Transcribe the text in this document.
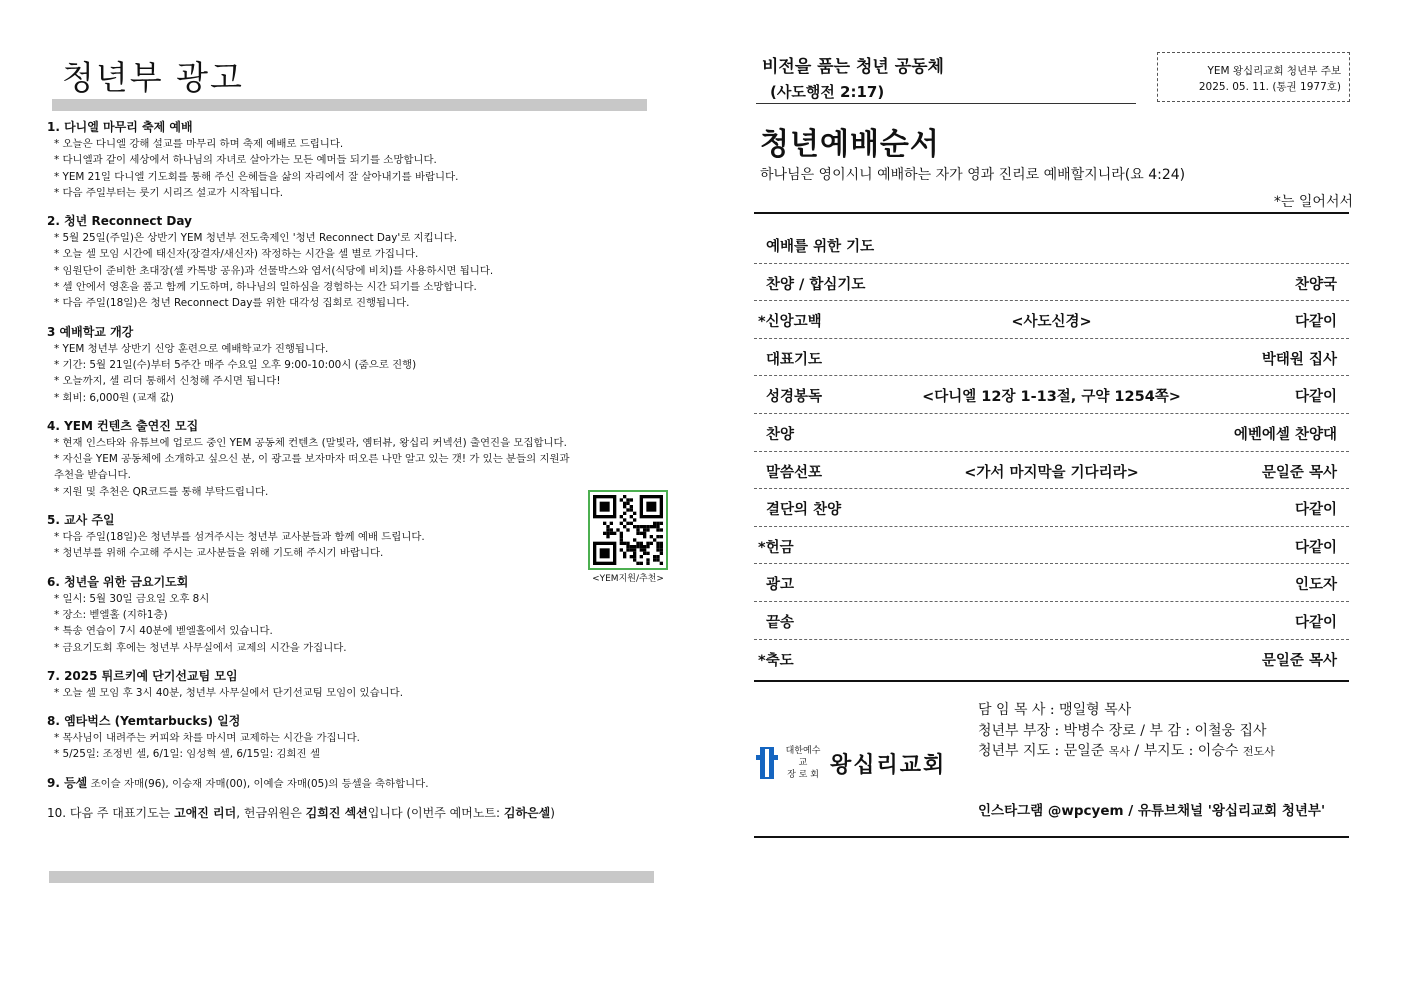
청년부 광고
1. 다니엘 마무리 축제 예배
* 오늘은 다니엘 강해 설교를 마무리 하며 축제 예배로 드립니다.
* 다니엘과 같이 세상에서 하나님의 자녀로 살아가는 모든 예머들 되기를 소망합니다.
* YEM 21일 다니엘 기도회를 통해 주신 은혜들을 삶의 자리에서 잘 살아내기를 바랍니다.
* 다음 주일부터는 룻기 시리즈 설교가 시작됩니다.
2. 청년 Reconnect Day
* 5월 25일(주일)은 상반기 YEM 청년부 전도축제인 '청년 Reconnect Day'로 지킵니다.
* 오늘 셀 모임 시간에 태신자(장결자/새신자) 작정하는 시간을 셀 별로 가집니다.
* 임원단이 준비한 초대장(셀 카톡방 공유)과 선물박스와 엽서(식당에 비치)를 사용하시면 됩니다.
* 셀 안에서 영혼을 품고 함께 기도하며, 하나님의 일하심을 경험하는 시간 되기를 소망합니다.
* 다음 주일(18일)은 청년 Reconnect Day를 위한 대각성 집회로 진행됩니다.
3 예배학교 개강
* YEM 청년부 상반기 신앙 훈련으로 예배학교가 진행됩니다.
* 기간: 5월 21일(수)부터 5주간 매주 수요일 오후 9:00-10:00시 (줌으로 진행)
* 오늘까지, 셀 리더 통해서 신청해 주시면 됩니다!
* 회비: 6,000원 (교재 값)
4. YEM 컨텐츠 출연진 모집
* 현재 인스타와 유튜브에 업로드 중인 YEM 공동체 컨텐츠 (말빛라, 옘터뷰, 왕십리 커넥션) 출연진을 모집합니다.
* 자신을 YEM 공동체에 소개하고 싶으신 분, 이 광고를 보자마자 떠오른 나만 알고 있는 갯! 가 있는 분들의 지원과
추천을 받습니다.
* 지원 및 추천은 QR코드를 통해 부탁드립니다.
5. 교사 주일
* 다음 주일(18일)은 청년부를 섬겨주시는 청년부 교사분들과 함께 예배 드립니다.
* 청년부를 위해 수고해 주시는 교사분들을 위해 기도해 주시기 바랍니다.
6. 청년을 위한 금요기도회
* 일시: 5월 30일 금요일 오후 8시
* 장소: 벧엘홀 (지하1층)
* 특송 연습이 7시 40분에 벧엘홀에서 있습니다.
* 금요기도회 후에는 청년부 사무실에서 교제의 시간을 가집니다.
7. 2025 튀르키예 단기선교팀 모임
* 오늘 셀 모임 후 3시 40분, 청년부 사무실에서 단기선교팀 모임이 있습니다.
8. 옘타벅스 (Yemtarbucks) 일정
* 목사님이 내려주는 커피와 차를 마시며 교제하는 시간을 가집니다.
* 5/25일: 조정빈 셀, 6/1일: 임성혁 셀, 6/15일: 김희진 셀
9. 등셀 조이슬 자매(96), 이승재 자매(00), 이예슬 자매(05)의 등셀을 축하합니다.
10. 다음 주 대표기도는 고애진 리더, 헌금위원은 김희진 섹션입니다 (이번주 예머노트: 김하은셀)
<YEM지원/추천>
비전을 품는 청년 공동체
(사도행전 2:17)
YEM 왕십리교회 청년부 주보
2025. 05. 11. (통권 1977호)
청년예배순서
하나님은 영이시니 예배하는 자가 영과 진리로 예배할지니라(요 4:24)
*는 일어서서
예배를 위한 기도
찬양 / 합심기도	찬양국
*신앙고백	<사도신경>	다같이
대표기도	박태원 집사
성경봉독	<다니엘 12장 1-13절, 구약 1254쪽>	다같이
찬양	에벤에셀 찬양대
말씀선포	<가서 마지막을 기다리라>	문일준 목사
결단의 찬양	다같이
*헌금	다같이
광고	인도자
끝송	다같이
*축도	문일준 목사
대한예수교
장 로 회 왕십리교회
담 임 목 사 : 맹일형 목사
청년부 부장 : 박병수 장로 / 부 감 : 이철웅 집사
청년부 지도 : 문일준 목사 / 부지도 : 이승수 전도사
인스타그램 @wpcyem / 유튜브채널 '왕십리교회 청년부'
